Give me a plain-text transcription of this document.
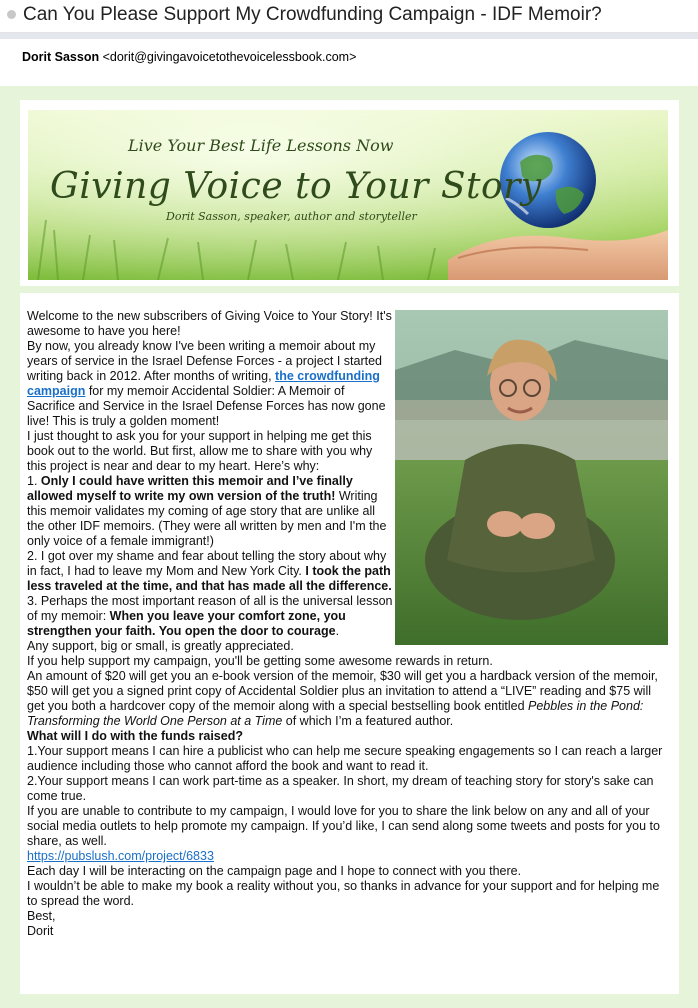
Can You Please Support My Crowdfunding Campaign - IDF Memoir?
Dorit Sasson <dorit@givingavoicetothevoicelessbook.com>
Live Your Best Life Lessons Now
Giving Voice to Your Story
Dorit Sasson, speaker, author and storyteller

Welcome to the new subscribers of Giving Voice to Your Story! It's awesome to have you here!

By now, you already know I've been writing a memoir about my years of service in the Israel Defense Forces - a project I started writing back in 2012. After months of writing, the crowdfunding campaign for my memoir Accidental Soldier: A Memoir of Sacrifice and Service in the Israel Defense Forces has now gone live! This is truly a golden moment!

I just thought to ask you for your support in helping me get this book out to the world. But first, allow me to share with you why this project is near and dear to my heart. Here’s why:

1. Only I could have written this memoir and I’ve finally allowed myself to write my own version of the truth! Writing this memoir validates my coming of age story that are unlike all the other IDF memoirs. (They were all written by men and I'm the only voice of a female immigrant!)

2. I got over my shame and fear about telling the story about why in fact, I had to leave my Mom and New York City. I took the path less traveled at the time, and that has made all the difference.

3. Perhaps the most important reason of all is the universal lesson of my memoir: When you leave your comfort zone, you strengthen your faith. You open the door to courage.

Any support, big or small, is greatly appreciated.

If you help support my campaign, you'll be getting some awesome rewards in return.

An amount of $20 will get you an e-book version of the memoir, $30 will get you a hardback version of the memoir, $50 will get you a signed print copy of Accidental Soldier plus an invitation to attend a “LIVE” reading and $75 will get you both a hardcover copy of the memoir along with a special bestselling book entitled Pebbles in the Pond: Transforming the World One Person at a Time of which I’m a featured author.

What will I do with the funds raised?

1.Your support means I can hire a publicist who can help me secure speaking engagements so I can reach a larger audience including those who cannot afford the book and want to read it.

2.Your support means I can work part-time as a speaker. In short, my dream of teaching story for story's sake can come true.

If you are unable to contribute to my campaign, I would love for you to share the link below on any and all of your social media outlets to help promote my campaign. If you’d like, I can send along some tweets and posts for you to share, as well.

https://pubslush.com/project/6833

Each day I will be interacting on the campaign page and I hope to connect with you there.

I wouldn’t be able to make my book a reality without you, so thanks in advance for your support and for helping me to spread the word.

Best,

Dorit
